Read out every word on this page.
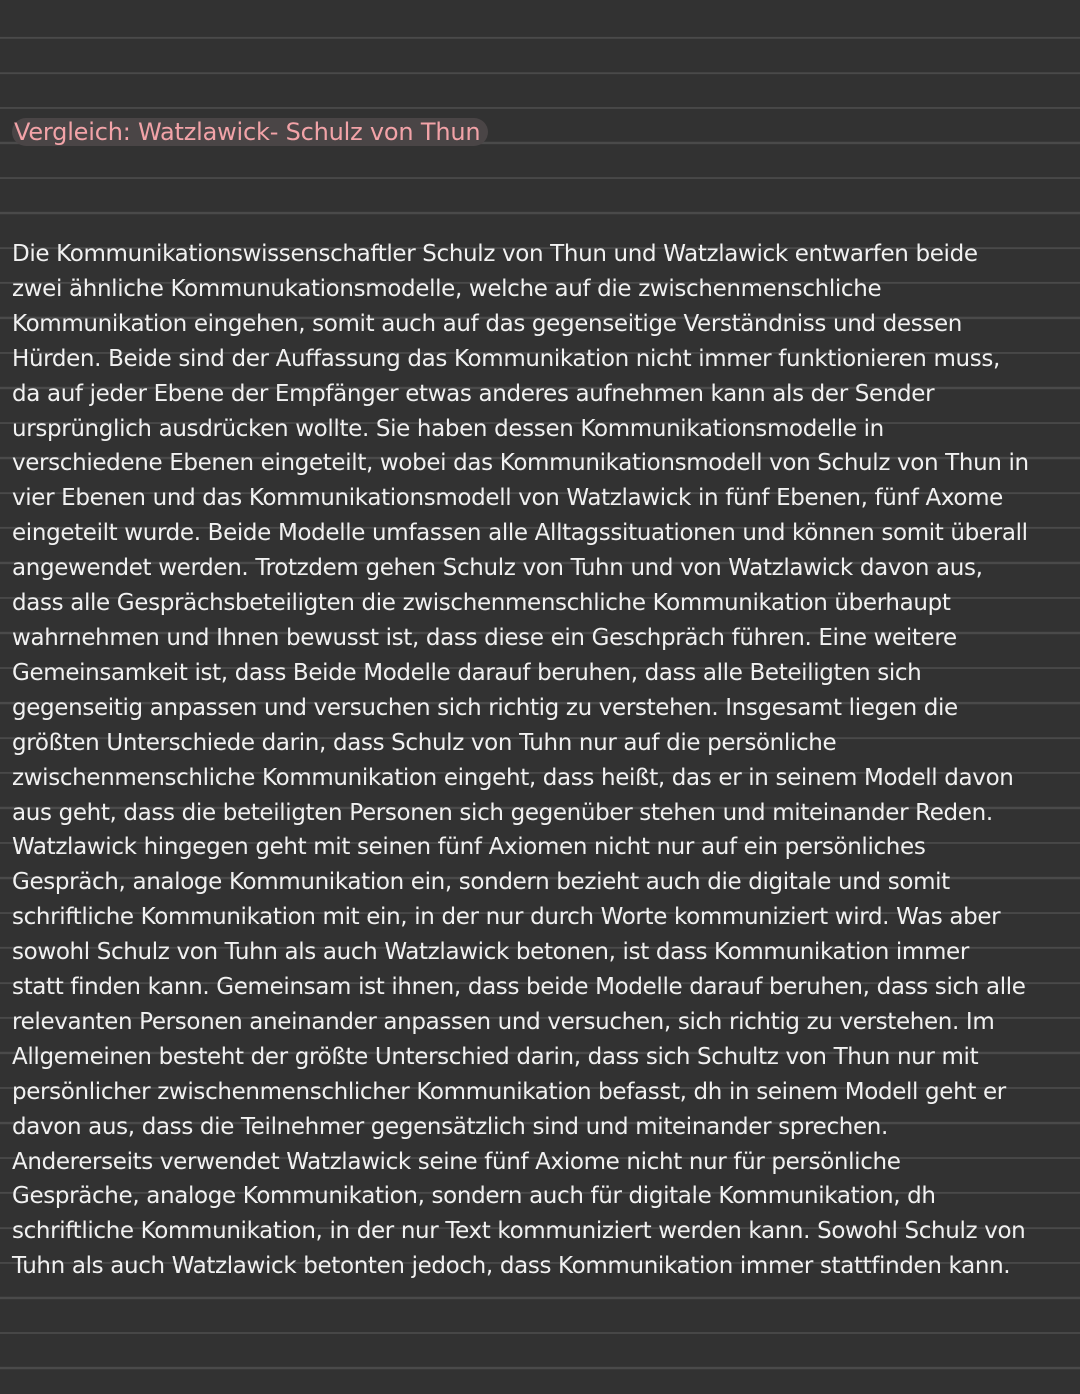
Vergleich: Watzlawick- Schulz von Thun
Die Kommunikationswissenschaftler Schulz von Thun und Watzlawick entwarfen beide
zwei ähnliche Kommunukationsmodelle, welche auf die zwischenmenschliche
Kommunikation eingehen, somit auch auf das gegenseitige Verständniss und dessen
Hürden. Beide sind der Auffassung das Kommunikation nicht immer funktionieren muss,
da auf jeder Ebene der Empfänger etwas anderes aufnehmen kann als der Sender
ursprünglich ausdrücken wollte. Sie haben dessen Kommunikationsmodelle in
verschiedene Ebenen eingeteilt, wobei das Kommunikationsmodell von Schulz von Thun in
vier Ebenen und das Kommunikationsmodell von Watzlawick in fünf Ebenen, fünf Axome
eingeteilt wurde. Beide Modelle umfassen alle Alltagssituationen und können somit überall
angewendet werden. Trotzdem gehen Schulz von Tuhn und von Watzlawick davon aus,
dass alle Gesprächsbeteiligten die zwischenmenschliche Kommunikation überhaupt
wahrnehmen und Ihnen bewusst ist, dass diese ein Geschpräch führen. Eine weitere
Gemeinsamkeit ist, dass Beide Modelle darauf beruhen, dass alle Beteiligten sich
gegenseitig anpassen und versuchen sich richtig zu verstehen. Insgesamt liegen die
größten Unterschiede darin, dass Schulz von Tuhn nur auf die persönliche
zwischenmenschliche Kommunikation eingeht, dass heißt, das er in seinem Modell davon
aus geht, dass die beteiligten Personen sich gegenüber stehen und miteinander Reden.
Watzlawick hingegen geht mit seinen fünf Axiomen nicht nur auf ein persönliches
Gespräch, analoge Kommunikation ein, sondern bezieht auch die digitale und somit
schriftliche Kommunikation mit ein, in der nur durch Worte kommuniziert wird. Was aber
sowohl Schulz von Tuhn als auch Watzlawick betonen, ist dass Kommunikation immer
statt finden kann. Gemeinsam ist ihnen, dass beide Modelle darauf beruhen, dass sich alle
relevanten Personen aneinander anpassen und versuchen, sich richtig zu verstehen. Im
Allgemeinen besteht der größte Unterschied darin, dass sich Schultz von Thun nur mit
persönlicher zwischenmenschlicher Kommunikation befasst, dh in seinem Modell geht er
davon aus, dass die Teilnehmer gegensätzlich sind und miteinander sprechen.
Andererseits verwendet Watzlawick seine fünf Axiome nicht nur für persönliche
Gespräche, analoge Kommunikation, sondern auch für digitale Kommunikation, dh
schriftliche Kommunikation, in der nur Text kommuniziert werden kann. Sowohl Schulz von
Tuhn als auch Watzlawick betonten jedoch, dass Kommunikation immer stattfinden kann.
